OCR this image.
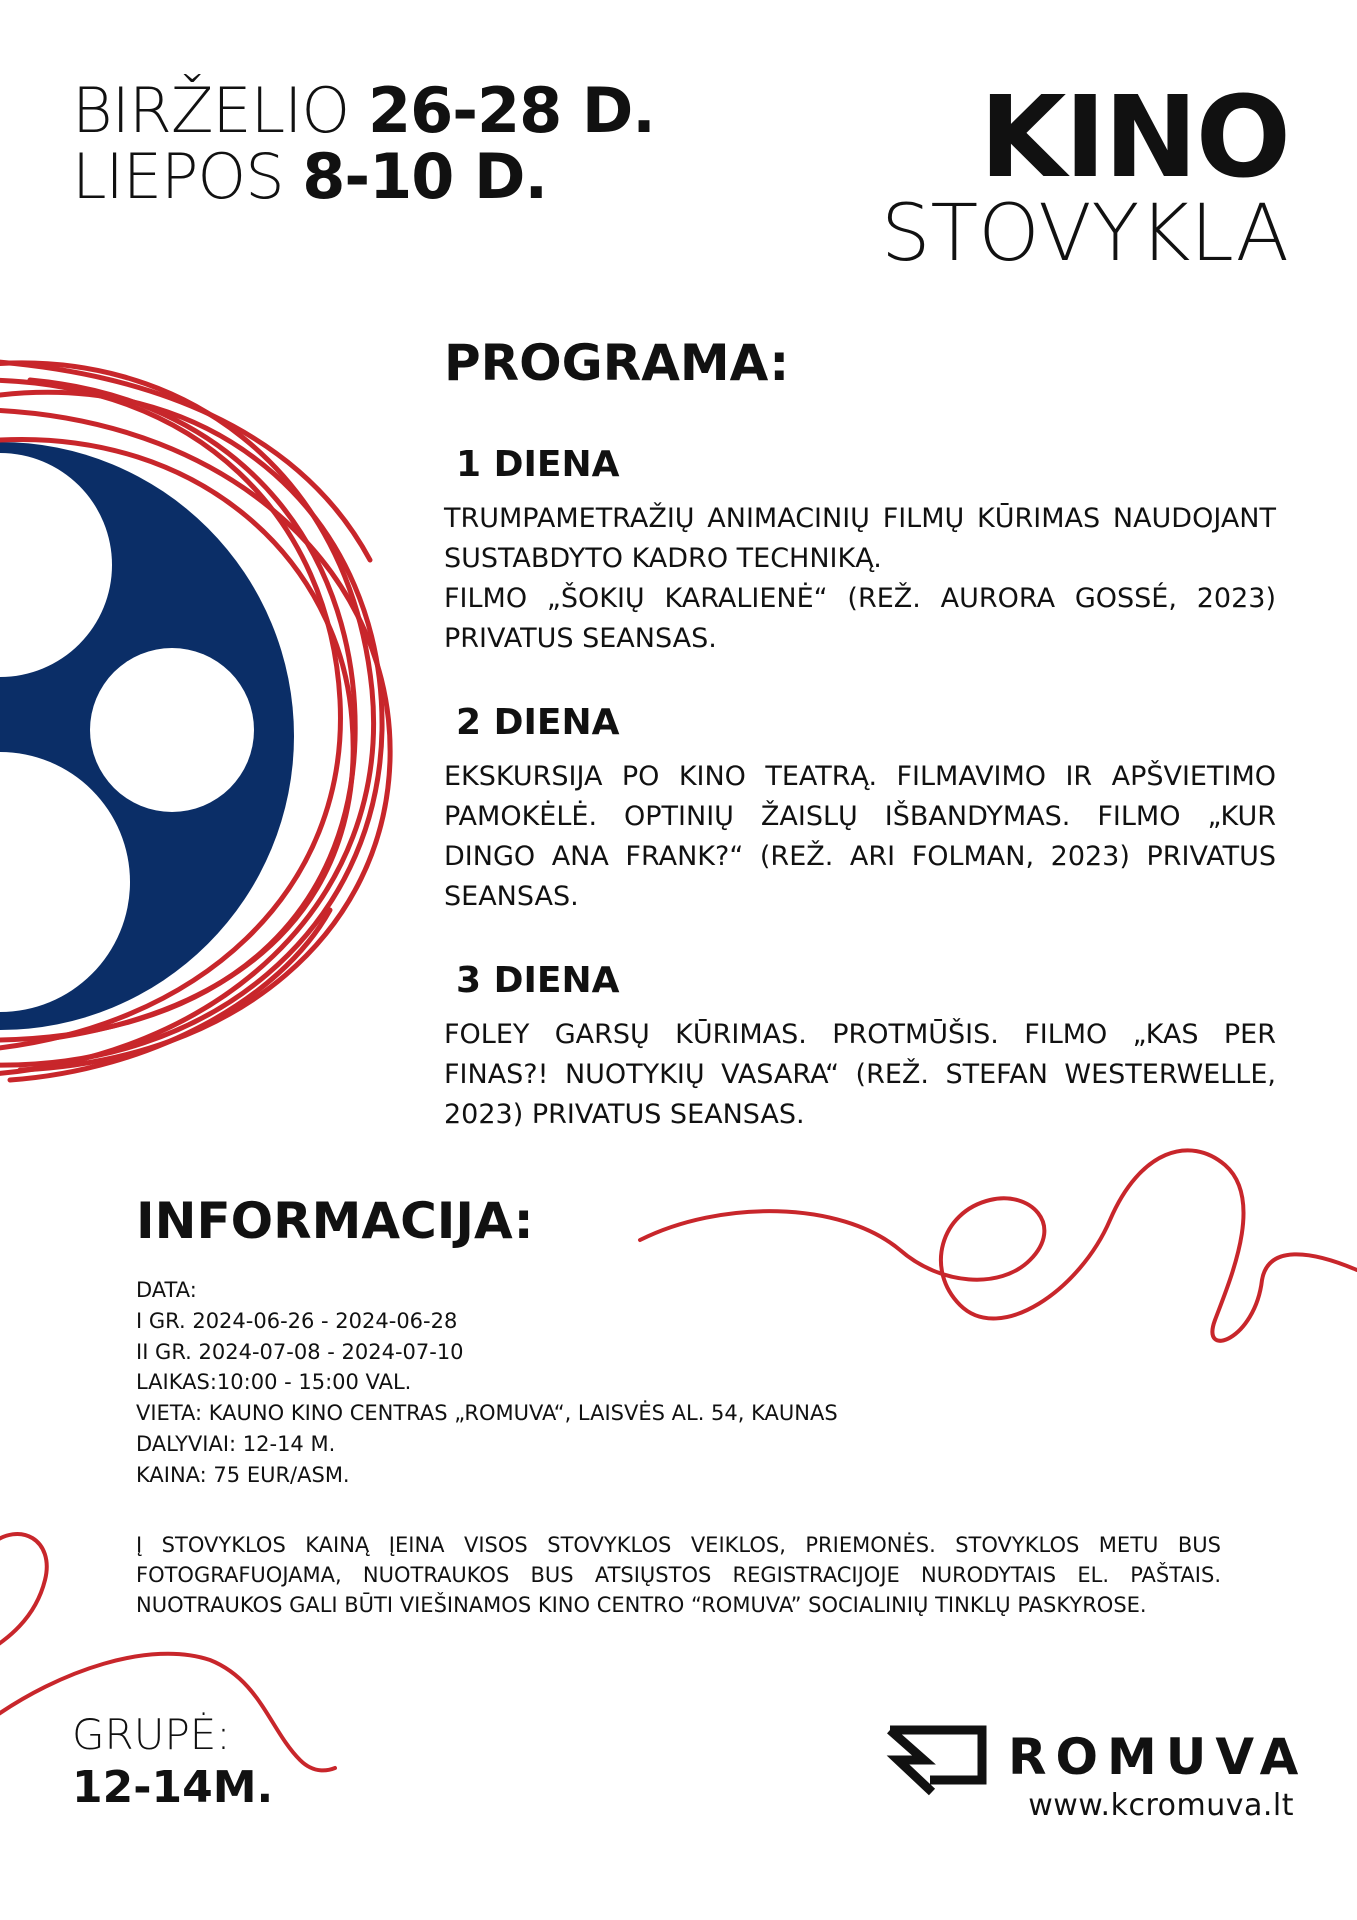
BIRŽELIO 26-28 D.
LIEPOS 8-10 D.	KINO
STOVYKLA
PROGRAMA:
1 DIENA

TRUMPAMETRAŽIŲ ANIMACINIŲ FILMŲ KŪRIMAS NAUDOJANT SUSTABDYTO KADRO TECHNIKĄ.

FILMO „ŠOKIŲ KARALIENĖ“ (REŽ. AURORA GOSSÉ, 2023) PRIVATUS SEANSAS.

2 DIENA

EKSKURSIJA PO KINO TEATRĄ. FILMAVIMO IR APŠVIETIMO PAMOKĖLĖ. OPTINIŲ ŽAISLŲ IŠBANDYMAS. FILMO „KUR DINGO ANA FRANK?“ (REŽ. ARI FOLMAN, 2023) PRIVATUS SEANSAS.

3 DIENA

FOLEY GARSŲ KŪRIMAS. PROTMŪŠIS. FILMO „KAS PER FINAS?! NUOTYKIŲ VASARA“ (REŽ. STEFAN WESTERWELLE, 2023) PRIVATUS SEANSAS.

INFORMACIJA:
DATA:
I GR. 2024-06-26 - 2024-06-28
II GR. 2024-07-08 - 2024-07-10
LAIKAS:10:00 - 15:00 VAL.
VIETA: KAUNO KINO CENTRAS „ROMUVA“, LAISVĖS AL. 54, KAUNAS
DALYVIAI: 12-14 M.
KAINA: 75 EUR/ASM.
Į STOVYKLOS KAINĄ ĮEINA VISOS STOVYKLOS VEIKLOS, PRIEMONĖS. STOVYKLOS METU BUS FOTOGRAFUOJAMA, NUOTRAUKOS BUS ATSIŲSTOS REGISTRACIJOJE NURODYTAIS EL. PAŠTAIS. NUOTRAUKOS GALI BŪTI VIEŠINAMOS KINO CENTRO “ROMUVA” SOCIALINIŲ TINKLŲ PASKYROSE.
GRUPĖ:
12-14M.
ROMUVA
www.kcromuva.lt
